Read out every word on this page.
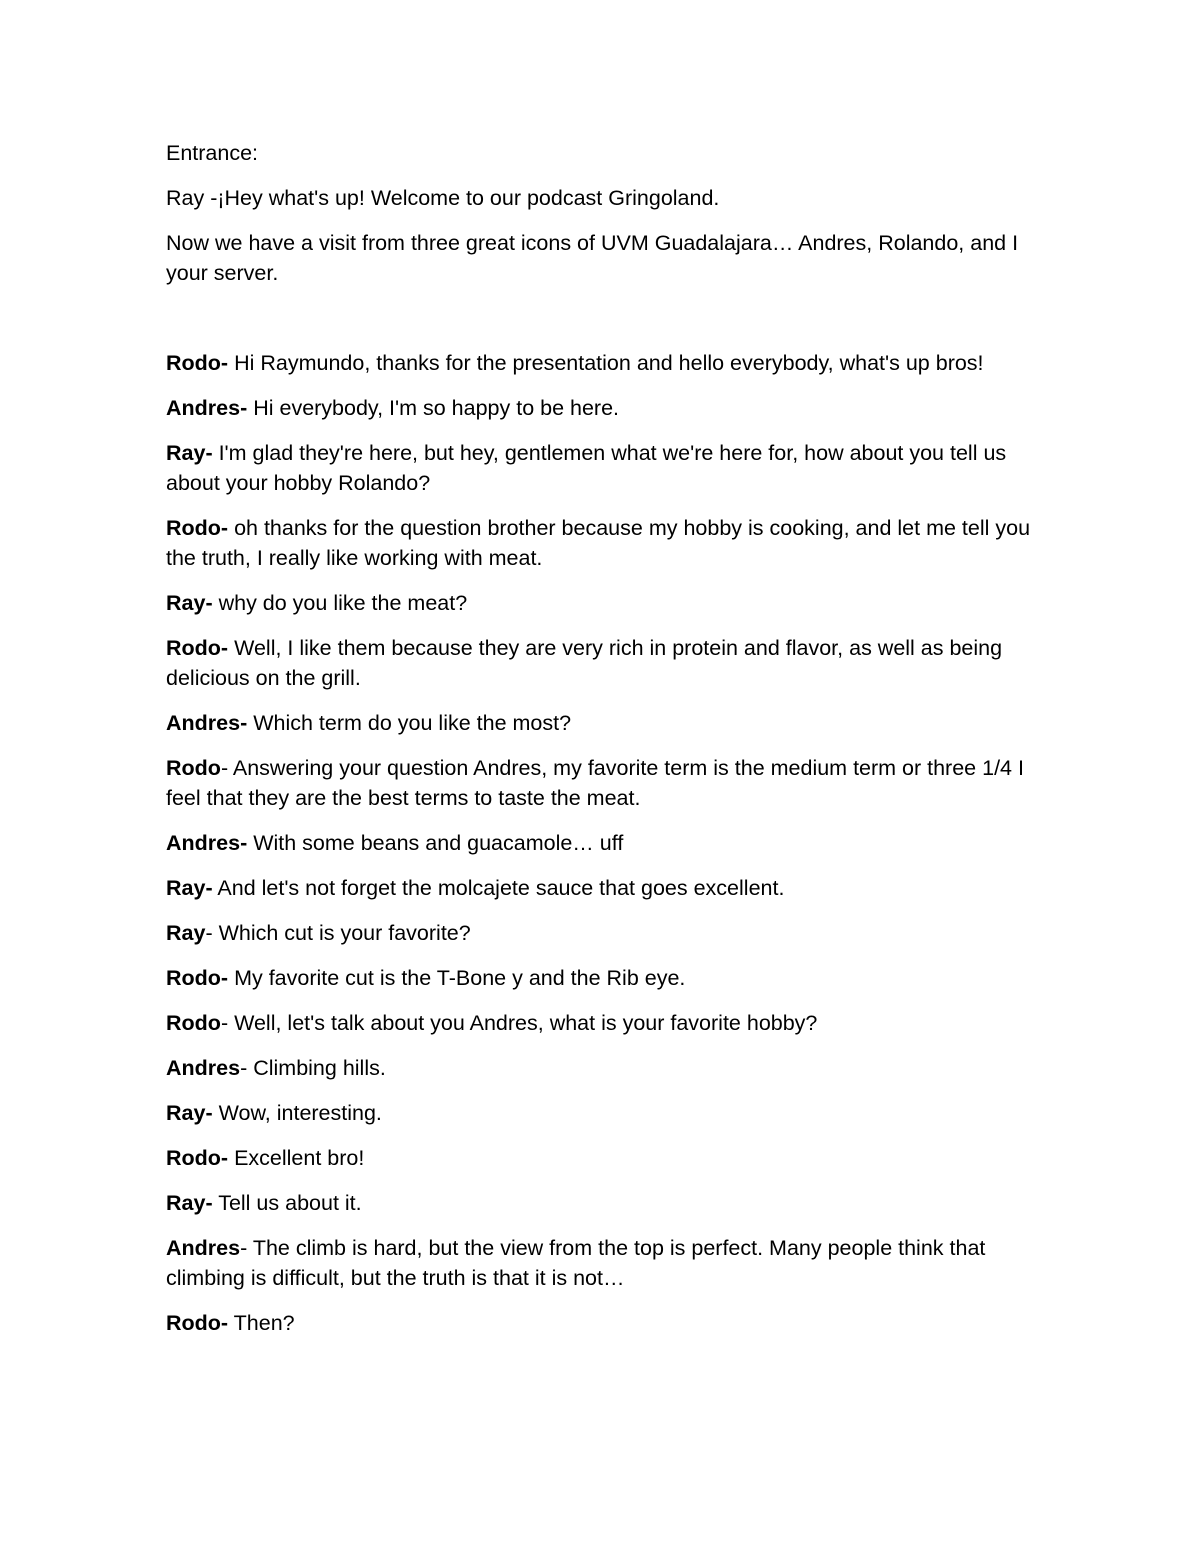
Entrance:

Ray -¡Hey what's up! Welcome to our podcast Gringoland.

Now we have a visit from three great icons of UVM Guadalajara… Andres, Rolando, and I your server.

Rodo- Hi Raymundo, thanks for the presentation and hello everybody, what's up bros!

Andres- Hi everybody, I'm so happy to be here.

Ray- I'm glad they're here, but hey, gentlemen what we're here for, how about you tell us about your hobby Rolando?

Rodo- oh thanks for the question brother because my hobby is cooking, and let me tell you the truth, I really like working with meat.

Ray- why do you like the meat?

Rodo- Well, I like them because they are very rich in protein and flavor, as well as being delicious on the grill.

Andres- Which term do you like the most?

Rodo- Answering your question Andres, my favorite term is the medium term or three 1/4 I feel that they are the best terms to taste the meat.

Andres- With some beans and guacamole… uff

Ray- And let's not forget the molcajete sauce that goes excellent.

Ray- Which cut is your favorite?

Rodo- My favorite cut is the T-Bone y and the Rib eye.

Rodo- Well, let's talk about you Andres, what is your favorite hobby?

Andres- Climbing hills.

Ray- Wow, interesting.

Rodo- Excellent bro!

Ray- Tell us about it.

Andres- The climb is hard, but the view from the top is perfect. Many people think that climbing is difficult, but the truth is that it is not…

Rodo- Then?
